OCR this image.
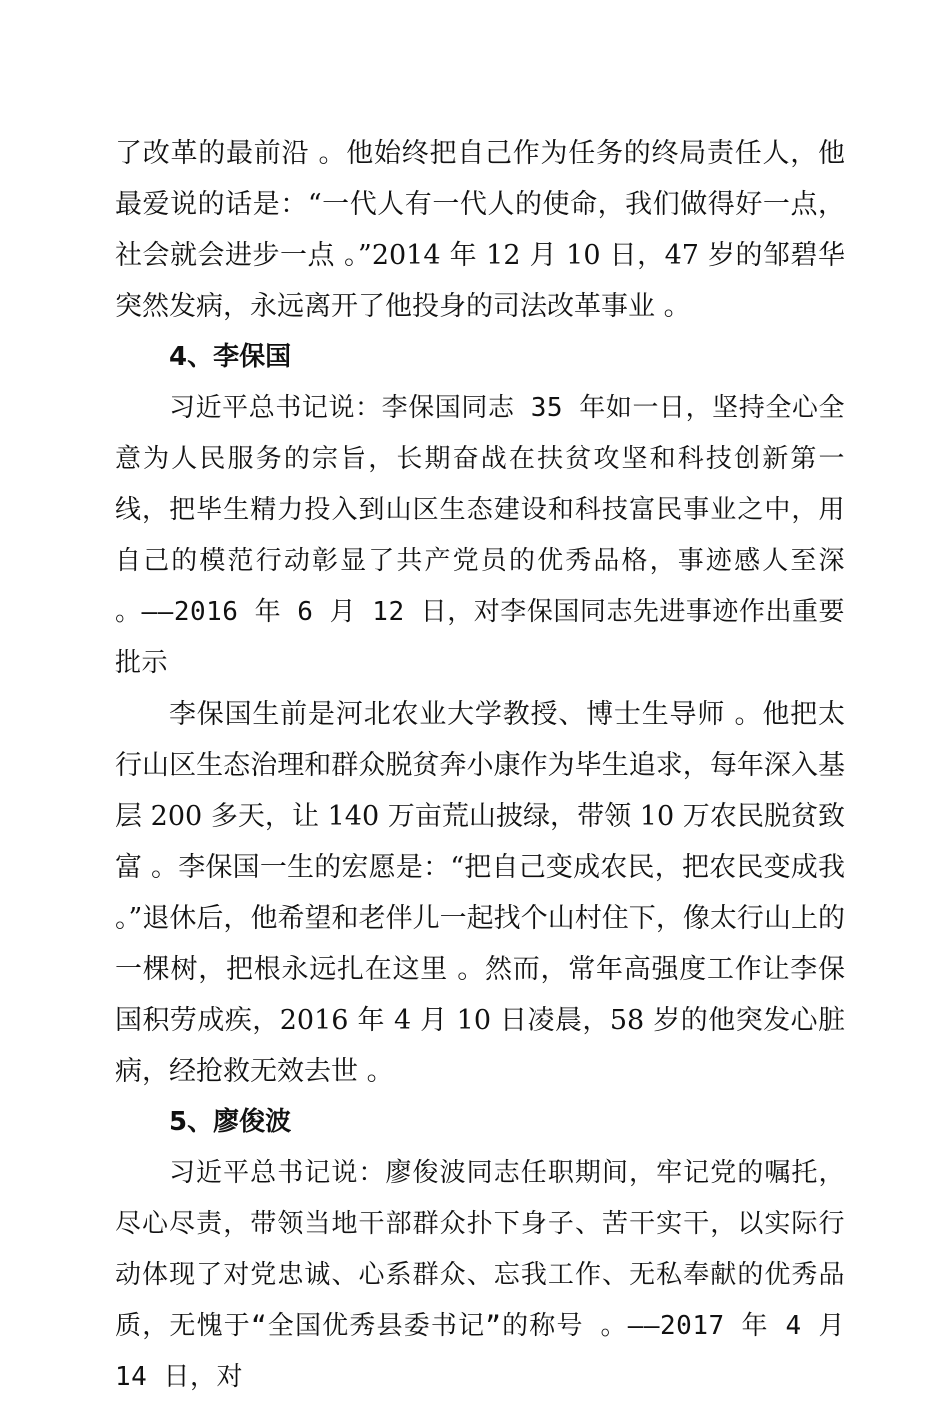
了改革的最前沿 。他始终把自己作为任务的终局责任人，他最爱说的话是：“一代人有一代人的使命，我们做得好一点，社会就会进步一点 。”2014 年 12 月 10 日，47 岁的邹碧华突然发病，永远离开了他投身的司法改革事业 。

4、李保国

习近平总书记说：李保国同志 35 年如一日，坚持全心全意为人民服务的宗旨，长期奋战在扶贫攻坚和科技创新第一线，把毕生精力投入到山区生态建设和科技富民事业之中，用自己的模范行动彰显了共产党员的优秀品格，事迹感人至深 。——2016 年 6 月 12 日，对李保国同志先进事迹作出重要批示

李保国生前是河北农业大学教授、博士生导师 。他把太行山区生态治理和群众脱贫奔小康作为毕生追求，每年深入基层 200 多天，让 140 万亩荒山披绿，带领 10 万农民脱贫致富 。李保国一生的宏愿是：“把自己变成农民，把农民变成我 。”退休后，他希望和老伴儿一起找个山村住下，像太行山上的一棵树，把根永远扎在这里 。然而，常年高强度工作让李保国积劳成疾，2016 年 4 月 10 日凌晨，58 岁的他突发心脏病，经抢救无效去世 。

5、廖俊波

习近平总书记说：廖俊波同志任职期间，牢记党的嘱托，尽心尽责，带领当地干部群众扑下身子、苦干实干，以实际行动体现了对党忠诚、心系群众、忘我工作、无私奉献的优秀品质，无愧于“全国优秀县委书记”的称号 。——2017 年 4 月 14 日，对
